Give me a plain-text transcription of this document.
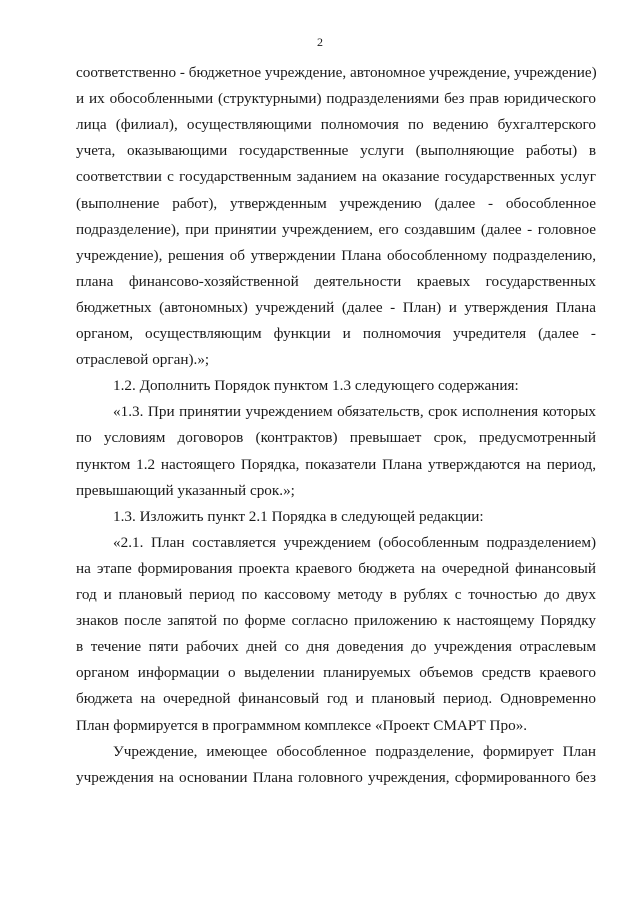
2
соответственно - бюджетное учреждение, автономное учреждение, учреждение)
и их обособленными (структурными) подразделениями без прав юридического
лица (филиал), осуществляющими полномочия по ведению бухгалтерского
учета, оказывающими государственные услуги (выполняющие работы) в
соответствии с государственным заданием на оказание государственных услуг
(выполнение работ), утвержденным учреждению (далее - обособленное
подразделение), при принятии учреждением, его создавшим (далее - головное
учреждение), решения об утверждении Плана обособленному подразделению,
плана финансово-хозяйственной деятельности краевых государственных
бюджетных (автономных) учреждений (далее - План) и утверждения Плана
органом, осуществляющим функции и полномочия учредителя (далее -
отраслевой орган).»;
1.2. Дополнить Порядок пунктом 1.3 следующего содержания:
«1.3. При принятии учреждением обязательств, срок исполнения которых
по условиям договоров (контрактов) превышает срок, предусмотренный
пунктом 1.2 настоящего Порядка, показатели Плана утверждаются на период,
превышающий указанный срок.»;
1.3. Изложить пункт 2.1 Порядка в следующей редакции:
«2.1. План составляется учреждением (обособленным подразделением)
на этапе формирования проекта краевого бюджета на очередной финансовый
год и плановый период по кассовому методу в рублях с точностью до двух
знаков после запятой по форме согласно приложению к настоящему Порядку
в течение пяти рабочих дней со дня доведения до учреждения отраслевым
органом информации о выделении планируемых объемов средств краевого
бюджета на очередной финансовый год и плановый период. Одновременно
План формируется в программном комплексе «Проект СМАРТ Про».
Учреждение, имеющее обособленное подразделение, формирует План
учреждения на основании Плана головного учреждения, сформированного без
